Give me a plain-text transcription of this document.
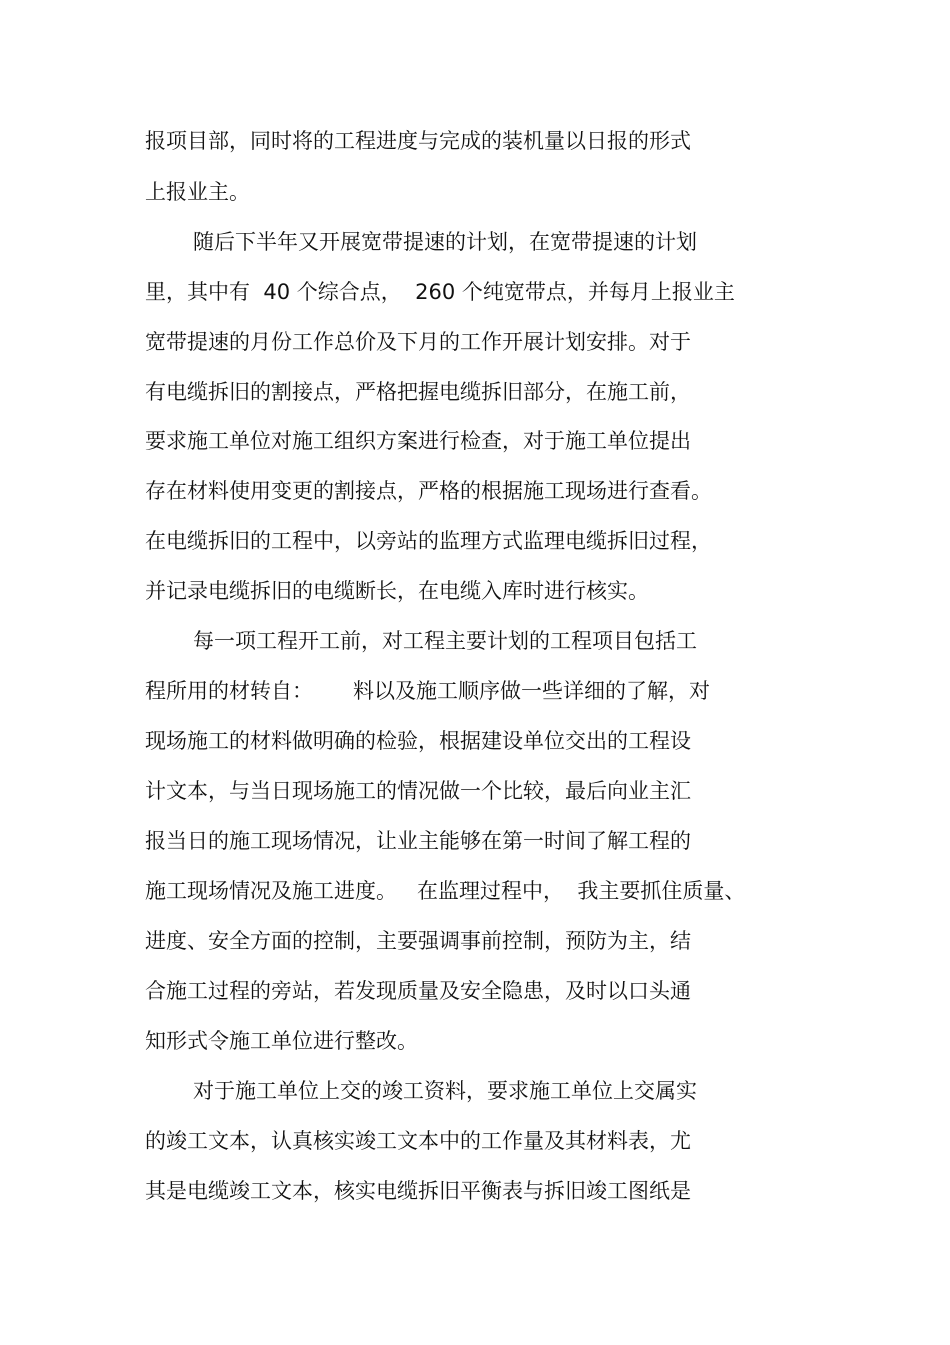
报项目部，同时将的工程进度与完成的装机量以日报的形式
上报业主。
随后下半年又开展宽带提速的计划，在宽带提速的计划
里，其中有  40 个综合点，  260 个纯宽带点，并每月上报业主
宽带提速的月份工作总价及下月的工作开展计划安排。对于
有电缆拆旧的割接点，严格把握电缆拆旧部分，在施工前，
要求施工单位对施工组织方案进行检查，对于施工单位提出
存在材料使用变更的割接点，严格的根据施工现场进行查看。
在电缆拆旧的工程中，以旁站的监理方式监理电缆拆旧过程，
并记录电缆拆旧的电缆断长，在电缆入库时进行核实。
每一项工程开工前，对工程主要计划的工程项目包括工
程所用的材转自：      料以及施工顺序做一些详细的了解，对
现场施工的材料做明确的检验，根据建设单位交出的工程设
计文本，与当日现场施工的情况做一个比较，最后向业主汇
报当日的施工现场情况，让业主能够在第一时间了解工程的
施工现场情况及施工进度。   在监理过程中，  我主要抓住质量、
进度、安全方面的控制，主要强调事前控制，预防为主，结
合施工过程的旁站，若发现质量及安全隐患，及时以口头通
知形式令施工单位进行整改。
对于施工单位上交的竣工资料，要求施工单位上交属实
的竣工文本，认真核实竣工文本中的工作量及其材料表，尤
其是电缆竣工文本，核实电缆拆旧平衡表与拆旧竣工图纸是
